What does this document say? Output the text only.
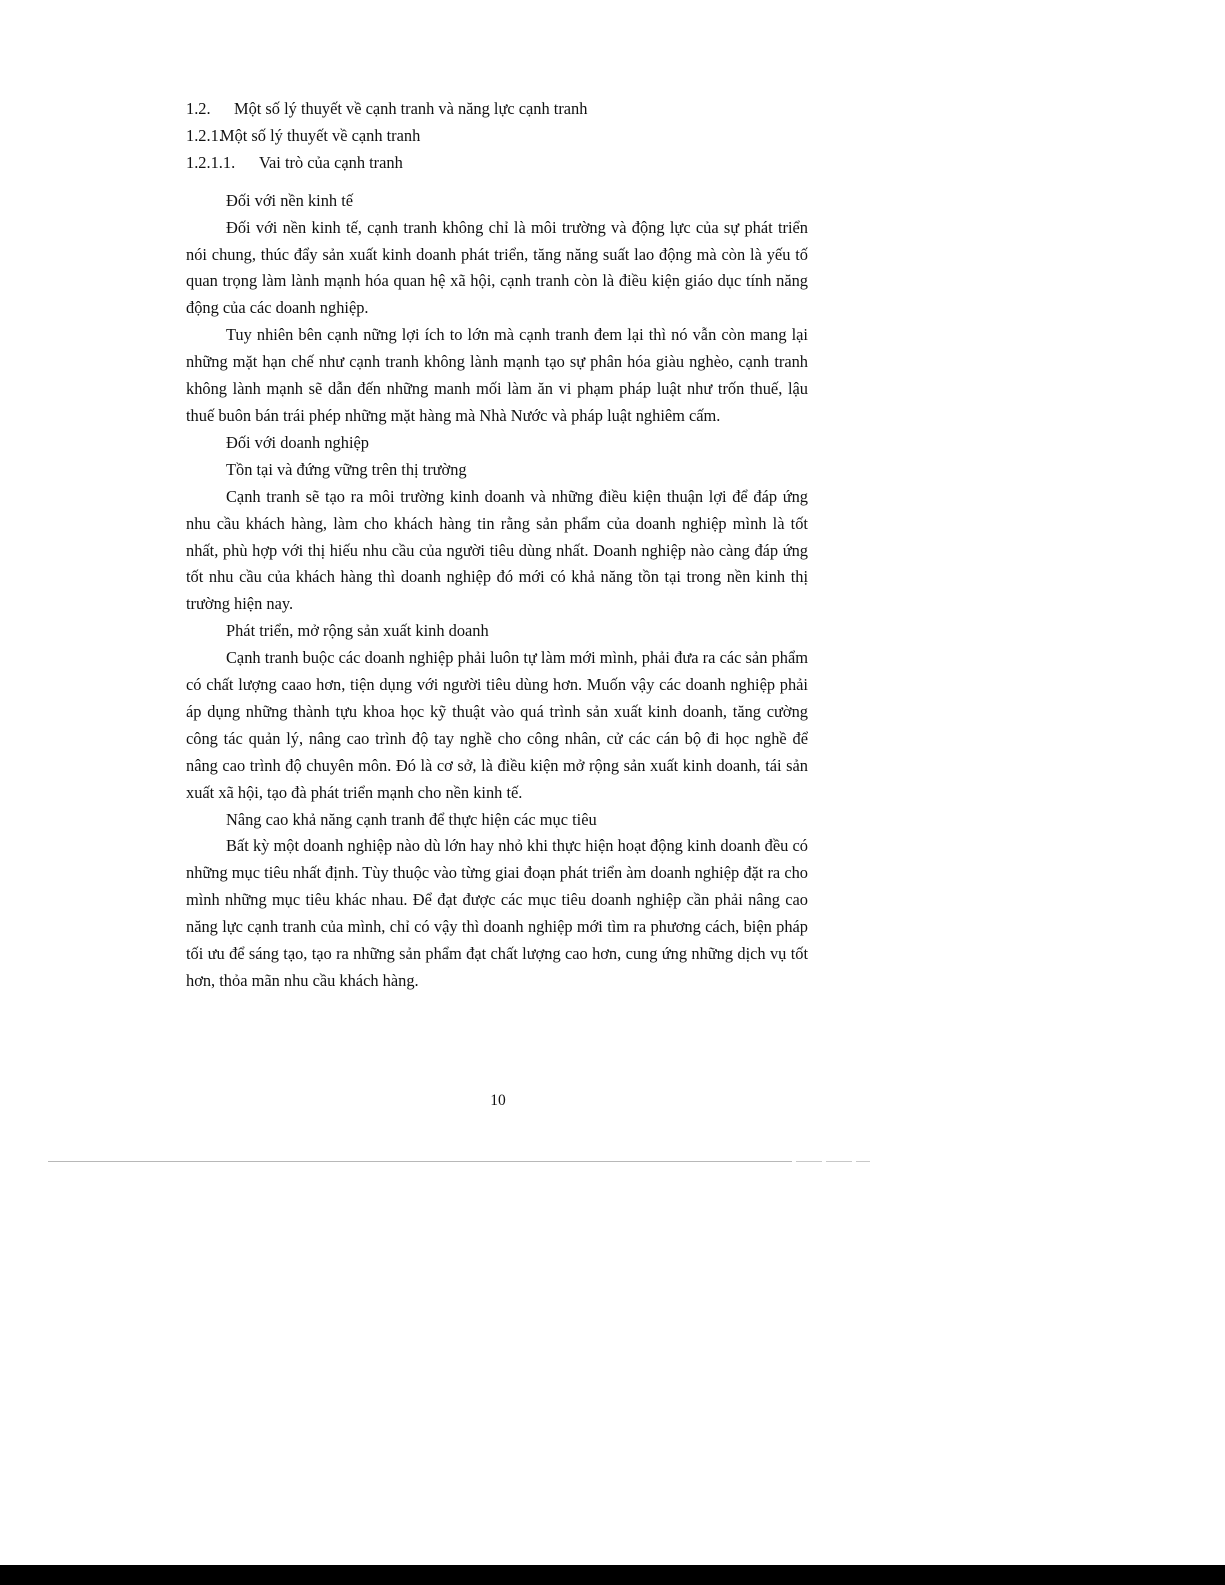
1.2. Một số lý thuyết về cạnh tranh và năng lực cạnh tranh

1.2.1.Một số lý thuyết về cạnh tranh

1.2.1.1. Vai trò của cạnh tranh

Đối với nền kinh tế

Đối với nền kinh tế, cạnh tranh không chỉ là môi trường và động lực của sự phát triển nói chung, thúc đẩy sản xuất kinh doanh phát triển, tăng năng suất lao động mà còn là yếu tố quan trọng làm lành mạnh hóa quan hệ xã hội, cạnh tranh còn là điều kiện giáo dục tính năng động của các doanh nghiệp.

Tuy nhiên bên cạnh nững lợi ích to lớn mà cạnh tranh đem lại thì nó vẫn còn mang lại những mặt hạn chế như cạnh tranh không lành mạnh tạo sự phân hóa giàu nghèo, cạnh tranh không lành mạnh sẽ dẫn đến những manh mối làm ăn vi phạm pháp luật như trốn thuế, lậu thuế buôn bán trái phép những mặt hàng mà Nhà Nước và pháp luật nghiêm cấm.

Đối với doanh nghiệp

Tồn tại và đứng vững trên thị trường

Cạnh tranh sẽ tạo ra môi trường kinh doanh và những điều kiện thuận lợi để đáp ứng nhu cầu khách hàng, làm cho khách hàng tin rằng sản phẩm của doanh nghiệp mình là tốt nhất, phù hợp với thị hiếu nhu cầu của người tiêu dùng nhất. Doanh nghiệp nào càng đáp ứng tốt nhu cầu của khách hàng thì doanh nghiệp đó mới có khả năng tồn tại trong nền kinh thị trường hiện nay.

Phát triển, mở rộng sản xuất kinh doanh

Cạnh tranh buộc các doanh nghiệp phải luôn tự làm mới mình, phải đưa ra các sản phẩm có chất lượng caao hơn, tiện dụng với người tiêu dùng hơn. Muốn vậy các doanh nghiệp phải áp dụng những thành tựu khoa học kỹ thuật vào quá trình sản xuất kinh doanh, tăng cường công tác quản lý, nâng cao trình độ tay nghề cho công nhân, cử các cán bộ đi học nghề để nâng cao trình độ chuyên môn. Đó là cơ sở, là điều kiện mở rộng sản xuất kinh doanh, tái sản xuất xã hội, tạo đà phát triển mạnh cho nền kinh tế.

Nâng cao khả năng cạnh tranh để thực hiện các mục tiêu

Bất kỳ một doanh nghiệp nào dù lớn hay nhỏ khi thực hiện hoạt động kinh doanh đều có những mục tiêu nhất định. Tùy thuộc vào từng giai đoạn phát triển àm doanh nghiệp đặt ra cho mình những mục tiêu khác nhau. Để đạt được các mục tiêu doanh nghiệp cần phải nâng cao năng lực cạnh tranh của mình, chỉ có vậy thì doanh nghiệp mới tìm ra phương cách, biện pháp tối ưu để sáng tạo, tạo ra những sản phẩm đạt chất lượng cao hơn, cung ứng những dịch vụ tốt hơn, thỏa mãn nhu cầu khách hàng.

10
